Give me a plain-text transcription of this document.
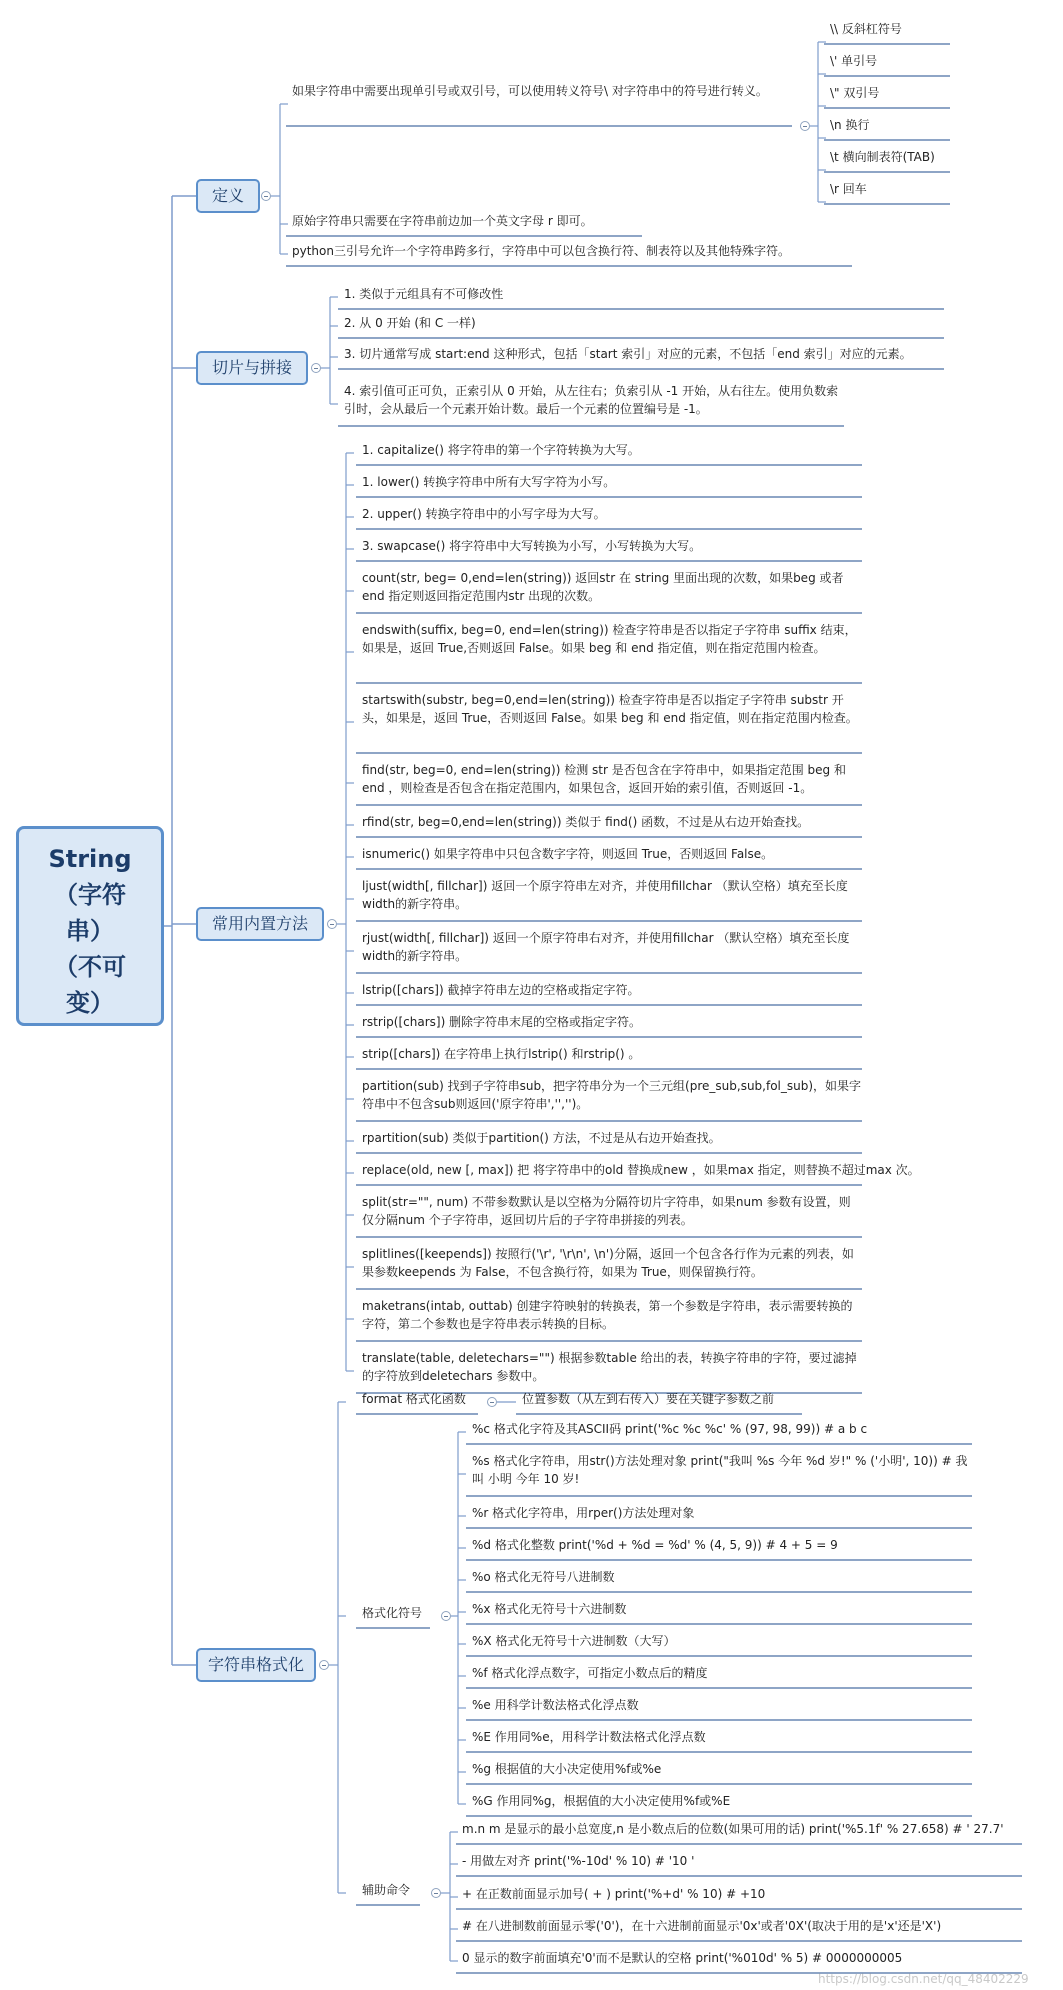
String
（字符
串）
（不可
变）
定义
如果字符串中需要出现单引号或双引号，可以使用转义符号\ 对字符串中的符号进行转义。
原始字符串只需要在字符串前边加一个英文字母 r 即可。
python三引号允许一个字符串跨多行，字符串中可以包含换行符、制表符以及其他特殊字符。
\\ 反斜杠符号
\' 单引号
\" 双引号
\n 换行
\t 横向制表符(TAB)
\r 回车
切片与拼接
1. 类似于元组具有不可修改性
2. 从 0 开始 (和 C 一样)
3. 切片通常写成 start:end 这种形式，包括「start 索引」对应的元素，不包括「end 索引」对应的元素。
4. 索引值可正可负，正索引从 0 开始，从左往右；负索引从 -1 开始，从右往左。使用负数索引时，会从最后一个元素开始计数。最后一个元素的位置编号是 -1。
常用内置方法
1. capitalize() 将字符串的第一个字符转换为大写。
1. lower() 转换字符串中所有大写字符为小写。
2. upper() 转换字符串中的小写字母为大写。
3. swapcase() 将字符串中大写转换为小写，小写转换为大写。
count(str, beg= 0,end=len(string)) 返回str 在 string 里面出现的次数，如果beg 或者 end 指定则返回指定范围内str 出现的次数。
endswith(suffix, beg=0, end=len(string)) 检查字符串是否以指定子字符串 suffix 结束，如果是，返回 True,否则返回 False。如果 beg 和 end 指定值，则在指定范围内检查。
startswith(substr, beg=0,end=len(string)) 检查字符串是否以指定子字符串 substr 开头，如果是，返回 True，否则返回 False。如果 beg 和 end 指定值，则在指定范围内检查。
find(str, beg=0, end=len(string)) 检测 str 是否包含在字符串中，如果指定范围 beg 和 end ，则检查是否包含在指定范围内，如果包含，返回开始的索引值，否则返回 -1。
rfind(str, beg=0,end=len(string)) 类似于 find() 函数，不过是从右边开始查找。
isnumeric() 如果字符串中只包含数字字符，则返回 True，否则返回 False。
ljust(width[, fillchar]) 返回一个原字符串左对齐，并使用fillchar （默认空格）填充至长度width的新字符串。
rjust(width[, fillchar]) 返回一个原字符串右对齐，并使用fillchar （默认空格）填充至长度width的新字符串。
lstrip([chars]) 截掉字符串左边的空格或指定字符。
rstrip([chars]) 删除字符串末尾的空格或指定字符。
strip([chars]) 在字符串上执行lstrip() 和rstrip() 。
partition(sub) 找到子字符串sub，把字符串分为一个三元组(pre_sub,sub,fol_sub)，如果字符串中不包含sub则返回('原字符串','','')。
rpartition(sub) 类似于partition() 方法，不过是从右边开始查找。
replace(old, new [, max]) 把 将字符串中的old 替换成new ，如果max 指定，则替换不超过max 次。
split(str="", num) 不带参数默认是以空格为分隔符切片字符串，如果num 参数有设置，则仅分隔num 个子字符串，返回切片后的子字符串拼接的列表。
splitlines([keepends]) 按照行('\r', '\r\n', \n')分隔，返回一个包含各行作为元素的列表，如果参数keepends 为 False，不包含换行符，如果为 True，则保留换行符。
maketrans(intab, outtab) 创建字符映射的转换表，第一个参数是字符串，表示需要转换的字符，第二个参数也是字符串表示转换的目标。
translate(table, deletechars="") 根据参数table 给出的表，转换字符串的字符，要过滤掉的字符放到deletechars 参数中。
字符串格式化
format 格式化函数	位置参数（从左到右传入）要在关键字参数之前
格式化符号
%c 格式化字符及其ASCII码 print('%c %c %c' % (97, 98, 99)) # a b c
%s 格式化字符串，用str()方法处理对象 print("我叫 %s 今年 %d 岁!" % ('小明', 10)) # 我叫 小明 今年 10 岁!
%r 格式化字符串，用rper()方法处理对象
%d 格式化整数 print('%d + %d = %d' % (4, 5, 9)) # 4 + 5 = 9
%o 格式化无符号八进制数
%x 格式化无符号十六进制数
%X 格式化无符号十六进制数（大写）
%f 格式化浮点数字，可指定小数点后的精度
%e 用科学计数法格式化浮点数
%E 作用同%e，用科学计数法格式化浮点数
%g 根据值的大小决定使用%f或%e
%G 作用同%g，根据值的大小决定使用%f或%E
辅助命令
m.n m 是显示的最小总宽度,n 是小数点后的位数(如果可用的话) print('%5.1f' % 27.658) # ' 27.7'
- 用做左对齐 print('%-10d' % 10) # '10 '
+ 在正数前面显示加号( + ) print('%+d' % 10) # +10
# 在八进制数前面显示零('0')，在十六进制前面显示'0x'或者'0X'(取决于用的是'x'还是'X')
0 显示的数字前面填充'0'而不是默认的空格 print('%010d' % 5) # 0000000005
https://blog.csdn.net/qq_48402229
